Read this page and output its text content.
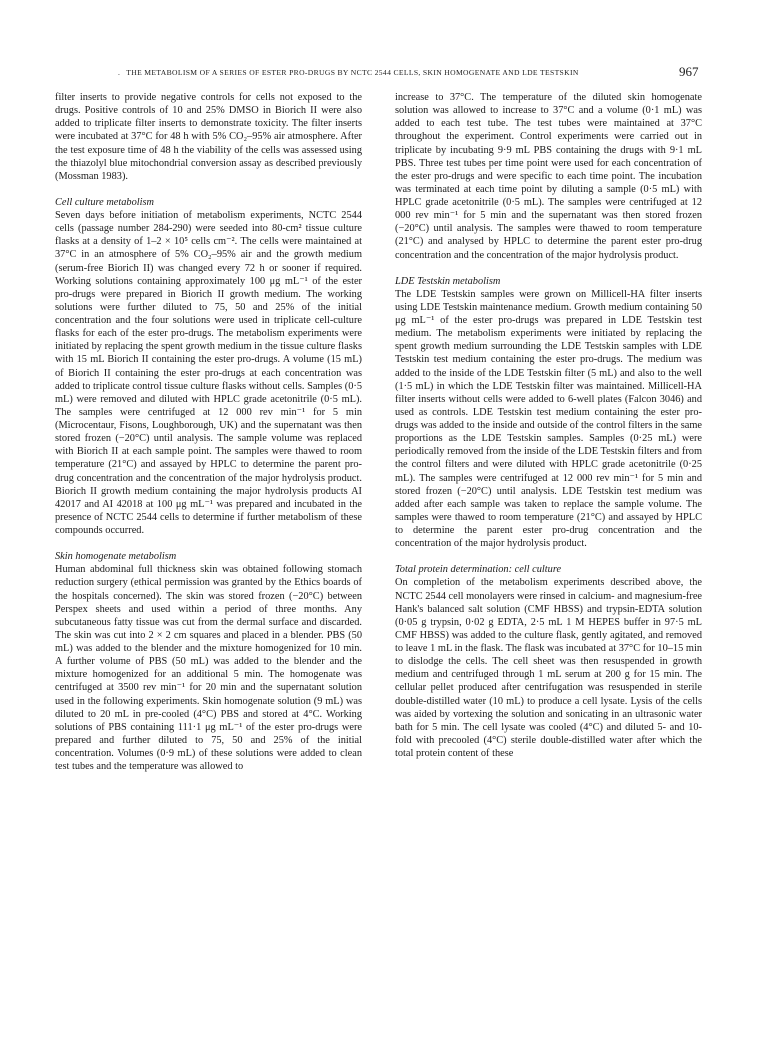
. THE METABOLISM OF A SERIES OF ESTER PRO-DRUGS BY NCTC 2544 CELLS, SKIN HOMOGENATE AND LDE TESTSKIN	967

filter inserts to provide negative controls for cells not exposed to the drugs. Positive controls of 10 and 25% DMSO in Biorich II were also added to triplicate filter inserts to demonstrate toxicity. The filter inserts were incubated at 37°C for 48 h with 5% CO₂–95% air atmosphere. After the test exposure time of 48 h the viability of the cells was assessed using the thiazolyl blue mitochondrial conversion assay as described previously (Mossman 1983).

Cell culture metabolism

Seven days before initiation of metabolism experiments, NCTC 2544 cells (passage number 284-290) were seeded into 80-cm² tissue culture flasks at a density of 1–2 × 10⁵ cells cm⁻². The cells were maintained at 37°C in an atmosphere of 5% CO₂–95% air and the growth medium (serum-free Biorich II) was changed every 72 h or sooner if required. Working solutions containing approximately 100 μg mL⁻¹ of the ester pro-drugs were prepared in Biorich II growth medium. The working solutions were further diluted to 75, 50 and 25% of the initial concentration and the four solutions were used in triplicate cell-culture flasks for each of the ester pro-drugs. The metabolism experiments were initiated by replacing the spent growth medium in the tissue culture flasks with 15 mL Biorich II containing the ester pro-drugs. A volume (15 mL) of Biorich II containing the ester pro-drugs at each concentration was added to triplicate control tissue culture flasks without cells. Samples (0·5 mL) were removed and diluted with HPLC grade acetonitrile (0·5 mL). The samples were centrifuged at 12 000 rev min⁻¹ for 5 min (Microcentaur, Fisons, Loughborough, UK) and the supernatant was then stored frozen (−20°C) until analysis. The sample volume was replaced with Biorich II at each sample point. The samples were thawed to room temperature (21°C) and assayed by HPLC to determine the parent pro-drug concentration and the concentration of the major hydrolysis product. Biorich II growth medium containing the major hydrolysis products AI 42017 and AI 42018 at 100 μg mL⁻¹ was prepared and incubated in the presence of NCTC 2544 cells to determine if further metabolism of these compounds occurred.

Skin homogenate metabolism

Human abdominal full thickness skin was obtained following stomach reduction surgery (ethical permission was granted by the Ethics boards of the hospitals concerned). The skin was stored frozen (−20°C) between Perspex sheets and used within a period of three months. Any subcutaneous fatty tissue was cut from the dermal surface and discarded. The skin was cut into 2 × 2 cm squares and placed in a blender. PBS (50 mL) was added to the blender and the mixture homogenized for 10 min. A further volume of PBS (50 mL) was added to the blender and the mixture homogenized for an additional 5 min. The homogenate was centrifuged at 3500 rev min⁻¹ for 20 min and the supernatant solution used in the following experiments. Skin homogenate solution (9 mL) was diluted to 20 mL in pre-cooled (4°C) PBS and stored at 4°C. Working solutions of PBS containing 111·1 μg mL⁻¹ of the ester pro-drugs were prepared and further diluted to 75, 50 and 25% of the initial concentration. Volumes (0·9 mL) of these solutions were added to clean test tubes and the temperature was allowed to

increase to 37°C. The temperature of the diluted skin homogenate solution was allowed to increase to 37°C and a volume (0·1 mL) was added to each test tube. The test tubes were maintained at 37°C throughout the experiment. Control experiments were carried out in triplicate by incubating 9·9 mL PBS containing the drugs with 9·1 mL PBS. Three test tubes per time point were used for each concentration of the ester pro-drugs and were specific to each time point. The incubation was terminated at each time point by diluting a sample (0·5 mL) with HPLC grade acetonitrile (0·5 mL). The samples were centrifuged at 12 000 rev min⁻¹ for 5 min and the supernatant was then stored frozen (−20°C) until analysis. The samples were thawed to room temperature (21°C) and analysed by HPLC to determine the parent ester pro-drug concentration and the concentration of the major hydrolysis product.

LDE Testskin metabolism

The LDE Testskin samples were grown on Millicell-HA filter inserts using LDE Testskin maintenance medium. Growth medium containing 50 μg mL⁻¹ of the ester pro-drugs was prepared in LDE Testskin test medium. The metabolism experiments were initiated by replacing the spent growth medium surrounding the LDE Testskin samples with LDE Testskin test medium containing the ester pro-drugs. The medium was added to the inside of the LDE Testskin filter (5 mL) and also to the well (1·5 mL) in which the LDE Testskin filter was maintained. Millicell-HA filter inserts without cells were added to 6-well plates (Falcon 3046) and used as controls. LDE Testskin test medium containing the ester pro-drugs was added to the inside and outside of the control filters in the same proportions as the LDE Testskin samples. Samples (0·25 mL) were periodically removed from the inside of the LDE Testskin filters and from the control filters and were diluted with HPLC grade acetonitrile (0·25 mL). The samples were centrifuged at 12 000 rev min⁻¹ for 5 min and stored frozen (−20°C) until analysis. LDE Testskin test medium was added after each sample was taken to replace the sample volume. The samples were thawed to room temperature (21°C) and assayed by HPLC to determine the parent ester pro-drug concentration and the concentration of the major hydrolysis product.

Total protein determination: cell culture

On completion of the metabolism experiments described above, the NCTC 2544 cell monolayers were rinsed in calcium- and magnesium-free Hank's balanced salt solution (CMF HBSS) and trypsin-EDTA solution (0·05 g trypsin, 0·02 g EDTA, 2·5 mL 1 M HEPES buffer in 97·5 mL CMF HBSS) was added to the culture flask, gently agitated, and removed to leave 1 mL in the flask. The flask was incubated at 37°C for 10–15 min to dislodge the cells. The cell sheet was then resuspended in growth medium and centrifuged through 1 mL serum at 200 g for 15 min. The cellular pellet produced after centrifugation was resuspended in sterile double-distilled water (10 mL) to produce a cell lysate. Lysis of the cells was aided by vortexing the solution and sonicating in an ultrasonic water bath for 5 min. The cell lysate was cooled (4°C) and diluted 5- and 10-fold with precooled (4°C) sterile double-distilled water after which the total protein content of these
